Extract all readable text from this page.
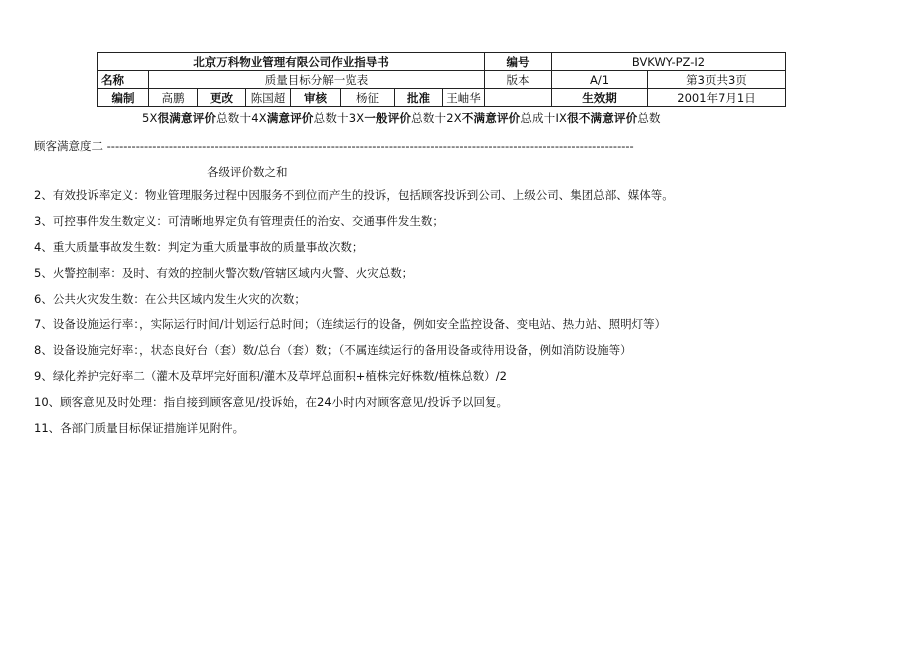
北京万科物业管理有限公司作业指导书								编号	BVKWY-PZ-I2	
名称	质量目标分解一览表							版本	A/1	第3页共3页
编制	高鹏	更改	陈国超	审核	杨征	批准	王岫华		生效期	2001年7月1日
5X很满意评价总数十4X满意评价总数十3X一般评价总数十2X不满意评价总成十IX很不满意评价总数
顾客满意度二 -------------------------------------------------------------------------------------------------------------------------------
各级评价数之和
2、有效投诉率定义：物业管理服务过程中因服务不到位而产生的投诉，包括顾客投诉到公司、上级公司、集团总部、媒体等。
3、可控事件发生数定义：可清晰地界定负有管理责任的治安、交通事件发生数；
4、重大质量事故发生数：判定为重大质量事故的质量事故次数；
5、火警控制率：及时、有效的控制火警次数/管辖区域内火警、火灾总数；
6、公共火灾发生数：在公共区域内发生火灾的次数；
7、设备设施运行率：，实际运行时间/计划运行总时间；（连续运行的设备，例如安全监控设备、变电站、热力站、照明灯等）
8、设备设施完好率：，状态良好台（套）数/总台（套）数；（不属连续运行的备用设备或待用设备，例如消防设施等）
9、绿化养护完好率二（灌木及草坪完好面积/灌木及草坪总面积+植株完好株数/植株总数）/2
10、顾客意见及时处理：指自接到顾客意见/投诉始，在24小时内对顾客意见/投诉予以回复。
11、各部门质量目标保证措施详见附件。
